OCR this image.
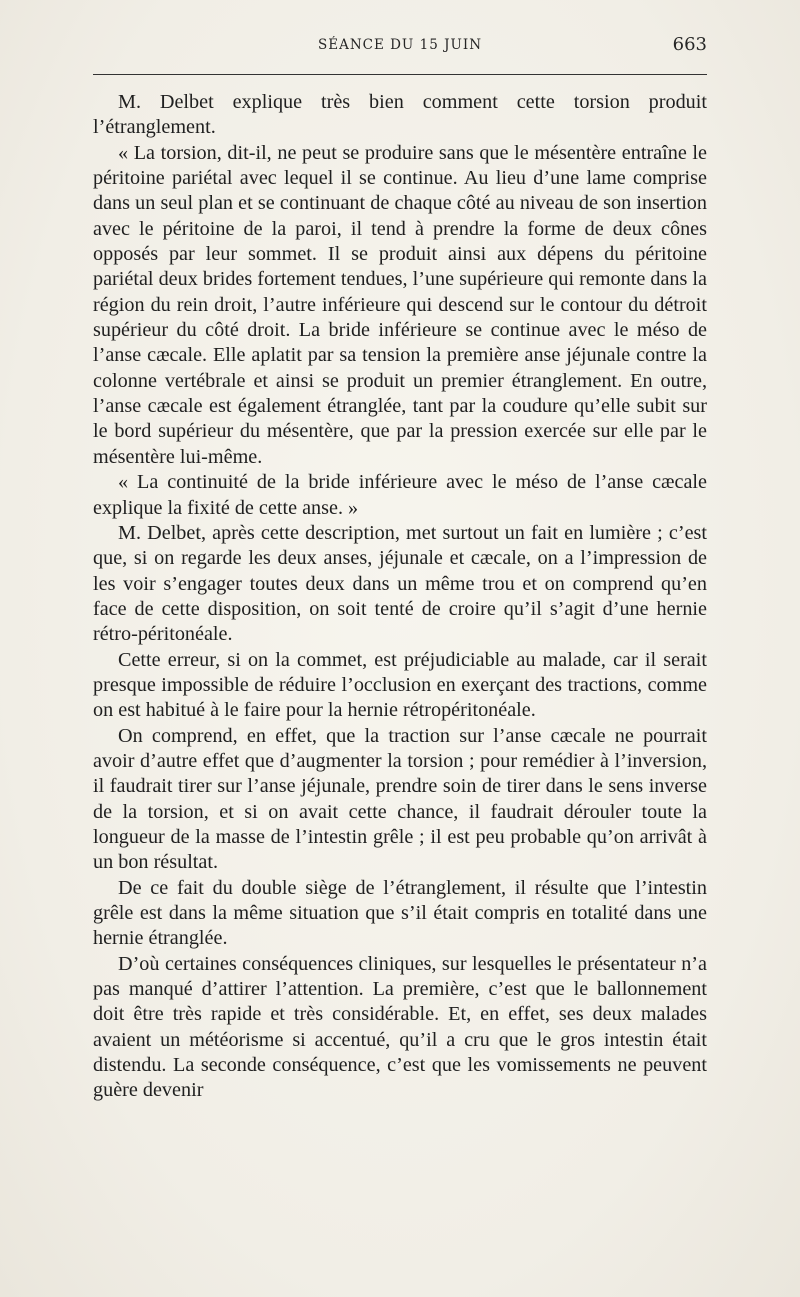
SÉANCE DU 15 JUIN	663

M. Delbet explique très bien comment cette torsion produit l’étranglement.

« La torsion, dit-il, ne peut se produire sans que le mésentère entraîne le péritoine pariétal avec lequel il se continue. Au lieu d’une lame comprise dans un seul plan et se continuant de chaque côté au niveau de son insertion avec le péritoine de la paroi, il tend à prendre la forme de deux cônes opposés par leur sommet. Il se produit ainsi aux dépens du péritoine pariétal deux brides fortement tendues, l’une supérieure qui remonte dans la région du rein droit, l’autre inférieure qui descend sur le contour du détroit supérieur du côté droit. La bride inférieure se continue avec le méso de l’anse cæcale. Elle aplatit par sa tension la première anse jéjunale contre la colonne vertébrale et ainsi se produit un premier étranglement. En outre, l’anse cæcale est également étranglée, tant par la coudure qu’elle subit sur le bord supérieur du mésentère, que par la pression exercée sur elle par le mésentère lui-même.

« La continuité de la bride inférieure avec le méso de l’anse cæcale explique la fixité de cette anse. »

M. Delbet, après cette description, met surtout un fait en lumière ; c’est que, si on regarde les deux anses, jéjunale et cæcale, on a l’impression de les voir s’engager toutes deux dans un même trou et on comprend qu’en face de cette disposition, on soit tenté de croire qu’il s’agit d’une hernie rétro-péritonéale.

Cette erreur, si on la commet, est préjudiciable au malade, car il serait presque impossible de réduire l’occlusion en exerçant des tractions, comme on est habitué à le faire pour la hernie rétropéritonéale.

On comprend, en effet, que la traction sur l’anse cæcale ne pourrait avoir d’autre effet que d’augmenter la torsion ; pour remédier à l’inversion, il faudrait tirer sur l’anse jéjunale, prendre soin de tirer dans le sens inverse de la torsion, et si on avait cette chance, il faudrait dérouler toute la longueur de la masse de l’intestin grêle ; il est peu probable qu’on arrivât à un bon résultat.

De ce fait du double siège de l’étranglement, il résulte que l’intestin grêle est dans la même situation que s’il était compris en totalité dans une hernie étranglée.

D’où certaines conséquences cliniques, sur lesquelles le présentateur n’a pas manqué d’attirer l’attention. La première, c’est que le ballonnement doit être très rapide et très considérable. Et, en effet, ses deux malades avaient un météorisme si accentué, qu’il a cru que le gros intestin était distendu. La seconde conséquence, c’est que les vomissements ne peuvent guère devenir
